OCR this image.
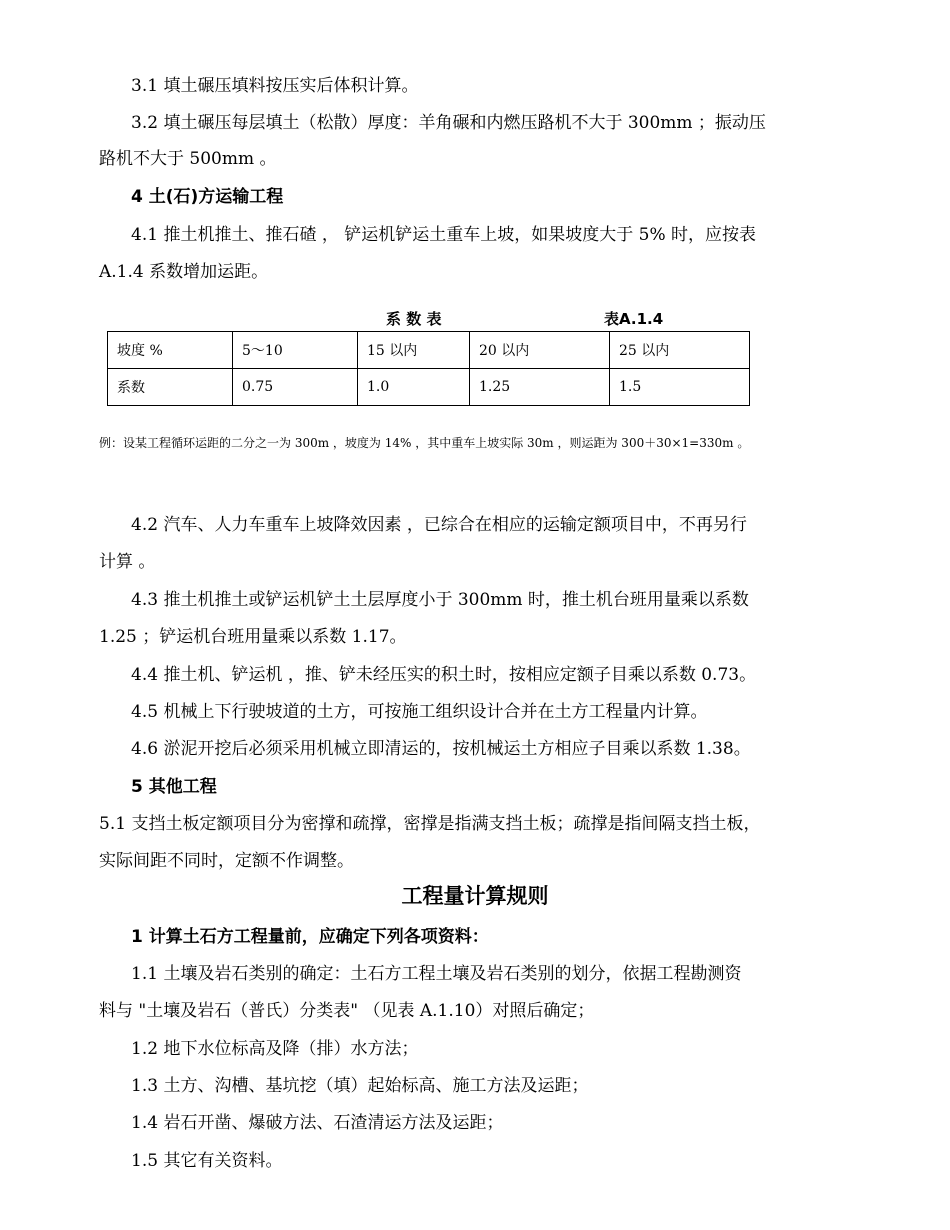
3.1 填土碾压填料按压实后体积计算。
3.2 填土碾压每层填土（松散）厚度：羊角碾和内燃压路机不大于 300mm ；振动压
路机不大于 500mm 。
4 土(石)方运输工程
4.1 推土机推土、推石碴 ， 铲运机铲运土重车上坡，如果坡度大于 5% 时，应按表
A.1.4 系数增加运距。
系 数 表	表A.1.4
坡度 %	5～10	15 以内	20 以内	25 以内
系数	0.75	1.0	1.25	1.5
例：设某工程循环运距的二分之一为 300m ，坡度为 14% ，其中重车上坡实际 30m ，则运距为 300＋30×1=330m 。
4.2 汽车、人力车重车上坡降效因素 ，已综合在相应的运输定额项目中，不再另行
计算 。
4.3 推土机推土或铲运机铲土土层厚度小于 300mm 时，推土机台班用量乘以系数
1.25 ；铲运机台班用量乘以系数 1.17。
4.4 推土机、铲运机 ，推、铲未经压实的积土时，按相应定额子目乘以系数 0.73。
4.5 机械上下行驶坡道的土方，可按施工组织设计合并在土方工程量内计算。
4.6 淤泥开挖后必须采用机械立即清运的，按机械运土方相应子目乘以系数 1.38。
5 其他工程
5.1 支挡土板定额项目分为密撑和疏撑，密撑是指满支挡土板；疏撑是指间隔支挡土板，
实际间距不同时，定额不作调整。
工程量计算规则
1 计算土石方工程量前，应确定下列各项资料：
1.1 土壤及岩石类别的确定：土石方工程土壤及岩石类别的划分，依据工程勘测资
料与 "土壤及岩石（普氏）分类表" （见表 A.1.10）对照后确定；
1.2 地下水位标高及降（排）水方法；
1.3 土方、沟槽、基坑挖（填）起始标高、施工方法及运距；
1.4 岩石开凿、爆破方法、石渣清运方法及运距；
1.5 其它有关资料。
